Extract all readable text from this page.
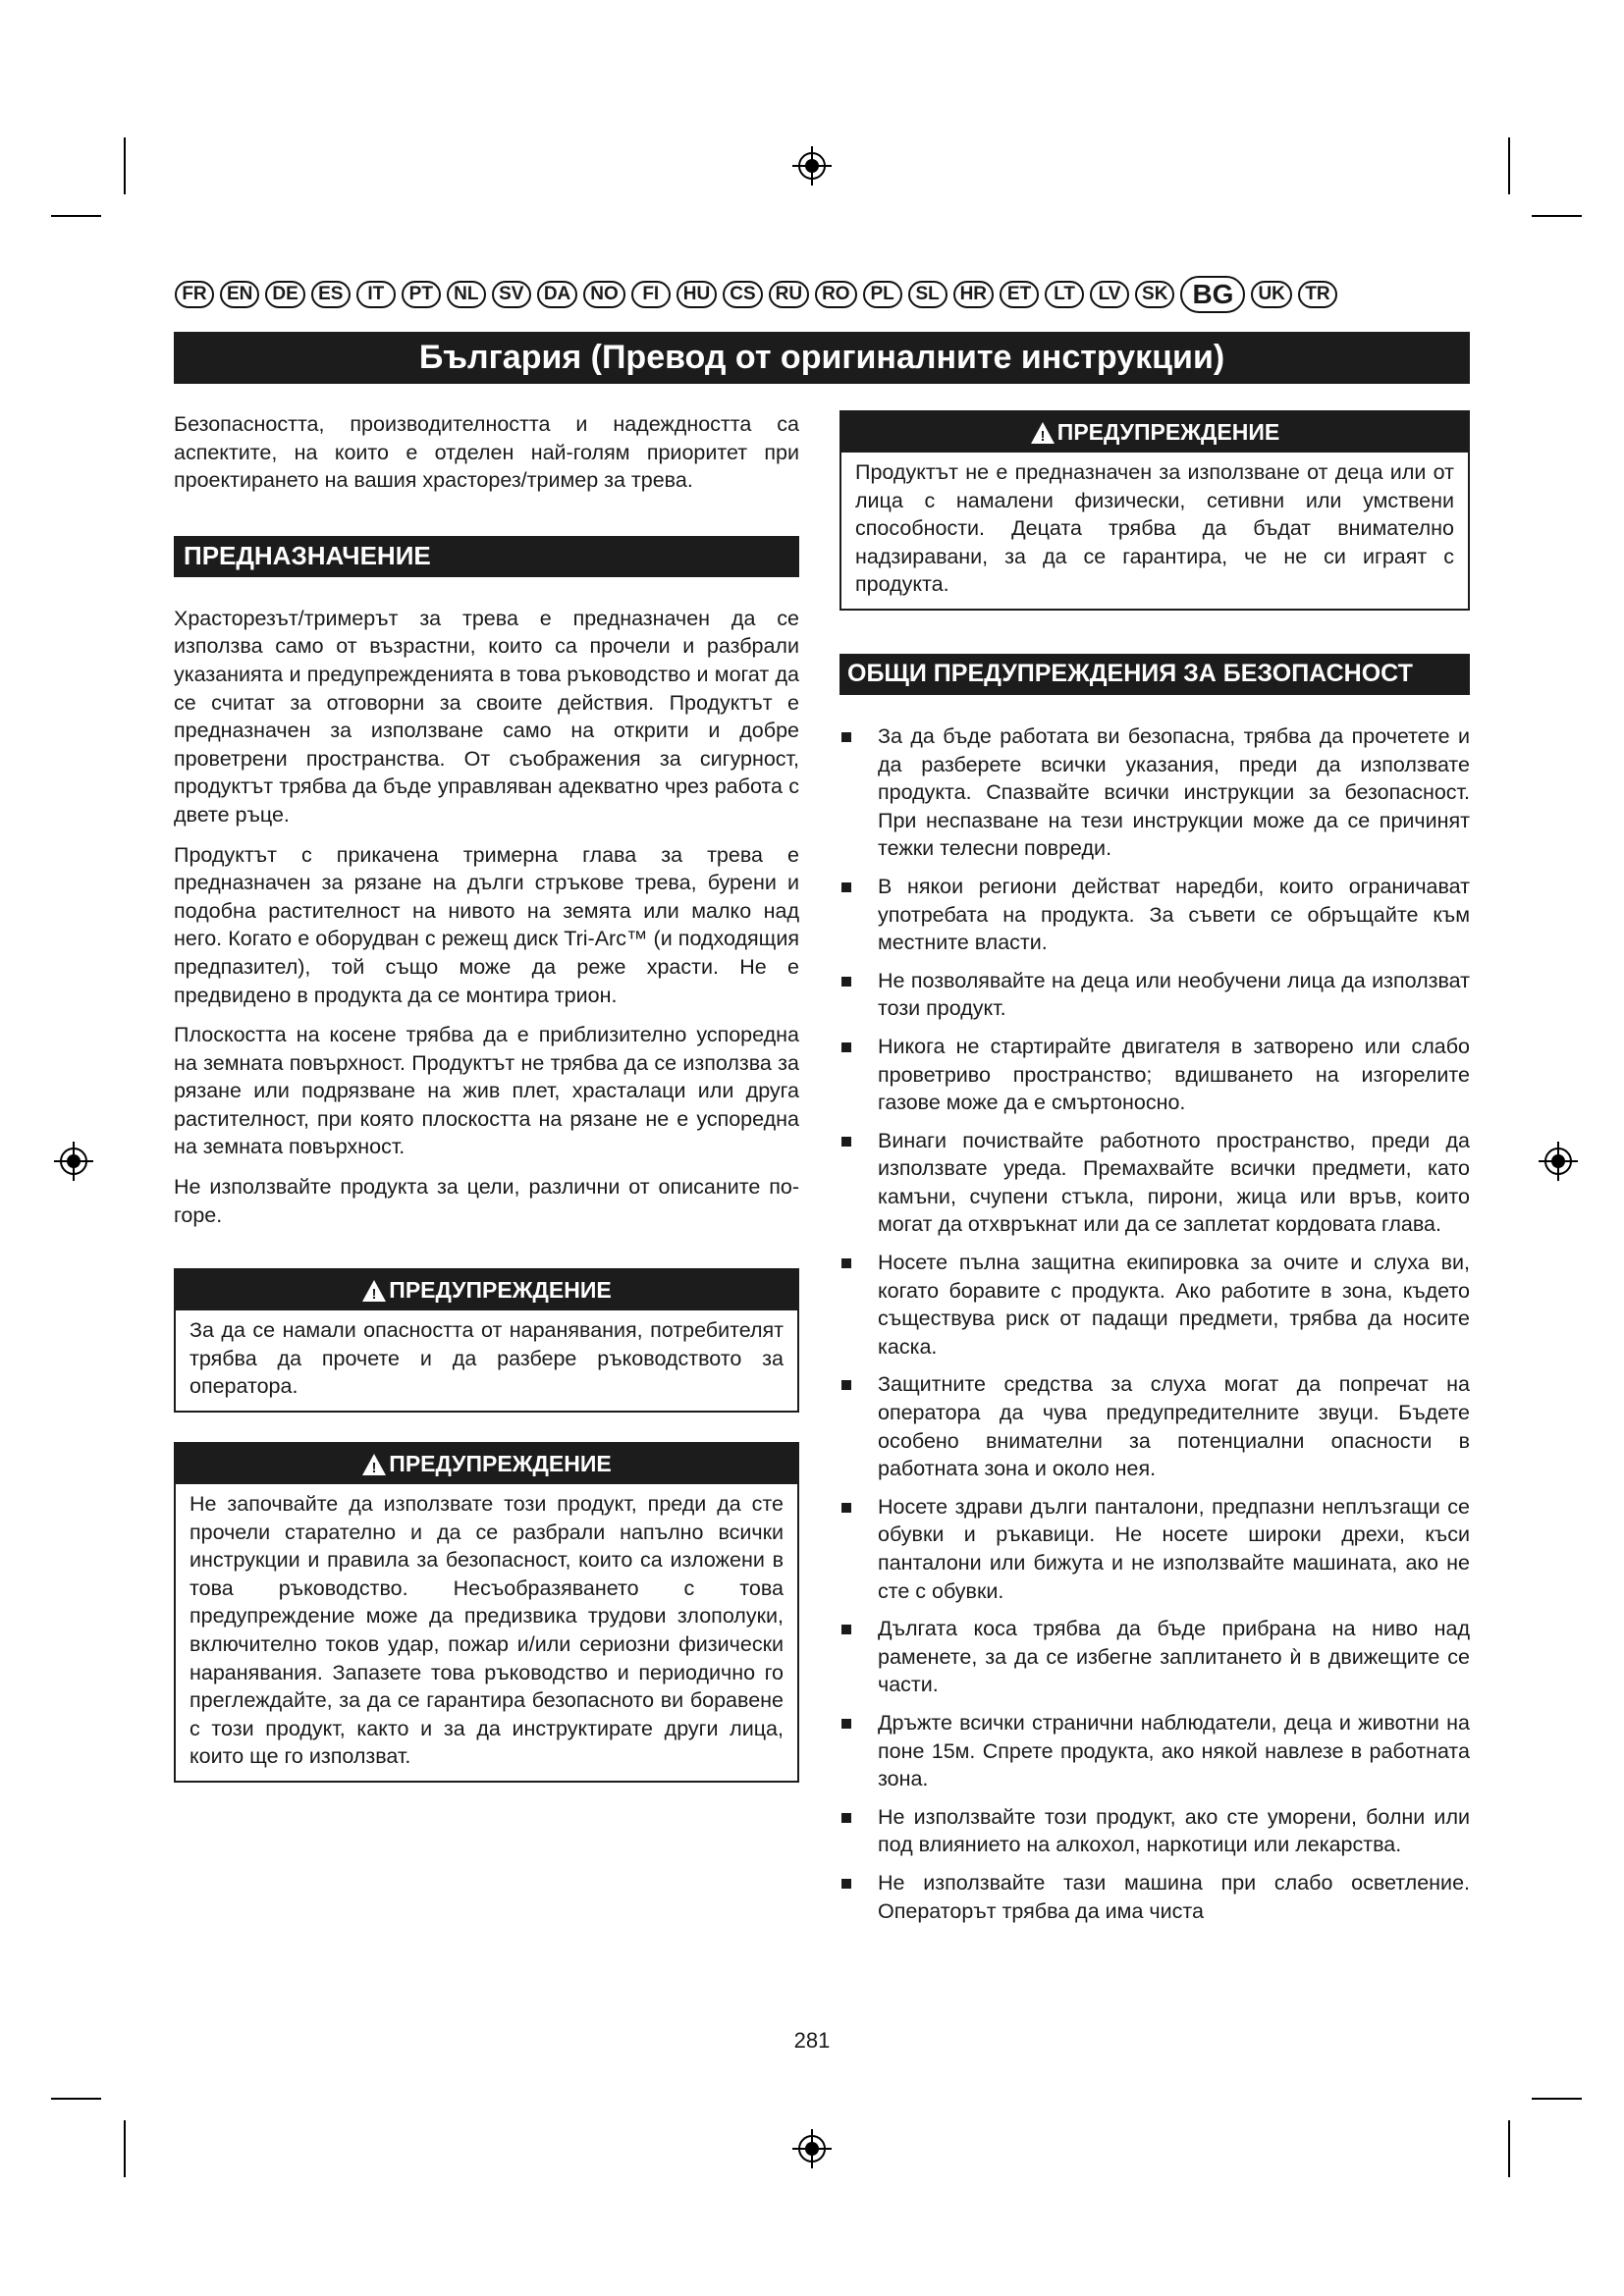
FR	EN	DE	ES	IT	PT	NL	SV	DA	NO	FI	HU	CS	RU	RO	PL	SL	HR	ET	LT	LV	SK BG	UK	TR
България (Превод от оригиналните инструкции)

Безопасността, производителността и надеждността са аспектите, на които е отделен най-голям приоритет при проектирането на вашия храсторез/тример за трева.

ПРЕДНАЗНАЧЕНИЕ

Храсторезът/тримерът за трева е предназначен да се използва само от възрастни, които са прочели и разбрали указанията и предупрежденията в това ръководство и могат да се считат за отговорни за своите действия. Продуктът е предназначен за използване само на открити и добре проветрени пространства. От съображения за сигурност, продуктът трябва да бъде управляван адекватно чрез работа с двете ръце.

Продуктът с прикачена тримерна глава за трева е предназначен за рязане на дълги стръкове трева, бурени и подобна растителност на нивото на земята или малко над него. Когато е оборудван с режещ диск Tri-Arc™ (и подходящия предпазител), той също може да реже храсти. Не е предвидено в продукта да се монтира трион.

Плоскостта на косене трябва да е приблизително успоредна на земната повърхност. Продуктът не трябва да се използва за рязане или подрязване на жив плет, храсталаци или друга растителност, при която плоскостта на рязане не е успоредна на земната повърхност.

Не използвайте продукта за цели, различни от описаните по-горе.

! ПРЕДУПРЕЖДЕНИЕ
За да се намали опасността от наранявания, потребителят трябва да прочете и да разбере ръководството за оператора.
! ПРЕДУПРЕЖДЕНИЕ
Не започвайте да използвате този продукт, преди да сте прочели старателно и да се разбрали напълно всички инструкции и правила за безопасност, които са изложени в това ръководство. Несъобразяването с това предупреждение може да предизвика трудови злополуки, включително токов удар, пожар и/или сериозни физически наранявания. Запазете това ръководство и периодично го преглеждайте, за да се гарантира безопасното ви боравене с този продукт, както и за да инструктирате други лица, които ще го използват.
! ПРЕДУПРЕЖДЕНИЕ
Продуктът не е предназначен за използване от деца или от лица с намалени физически, сетивни или умствени способности. Децата трябва да бъдат внимателно надзиравани, за да се гарантира, че не си играят с продукта.
ОБЩИ ПРЕДУПРЕЖДЕНИЯ ЗА БЕЗОПАСНОСТ
За да бъде работата ви безопасна, трябва да прочетете и да разберете всички указания, преди да използвате продукта. Спазвайте всички инструкции за безопасност. При неспазване на тези инструкции може да се причинят тежки телесни повреди.
В някои региони действат наредби, които ограничават употребата на продукта. За съвети се обръщайте към местните власти.
Не позволявайте на деца или необучени лица да използват този продукт.
Никога не стартирайте двигателя в затворено или слабо проветриво пространство; вдишването на изгорелите газове може да е смъртоносно.
Винаги почиствайте работното пространство, преди да използвате уреда. Премахвайте всички предмети, като камъни, счупени стъкла, пирони, жица или връв, които могат да отхвръкнат или да се заплетат кордовата глава.
Носете пълна защитна екипировка за очите и слуха ви, когато боравите с продукта. Ако работите в зона, където съществува риск от падащи предмети, трябва да носите каска.
Защитните средства за слуха могат да попречат на оператора да чува предупредителните звуци. Бъдете особено внимателни за потенциални опасности в работната зона и около нея.
Носете здрави дълги панталони, предпазни неплъзгащи се обувки и ръкавици. Не носете широки дрехи, къси панталони или бижута и не използвайте машината, ако не сте с обувки.
Дългата коса трябва да бъде прибрана на ниво над раменете, за да се избегне заплитането ѝ в движещите се части.
Дръжте всички странични наблюдатели, деца и животни на поне 15м. Спрете продукта, ако някой навлезе в работната зона.
Не използвайте този продукт, ако сте уморени, болни или под влиянието на алкохол, наркотици или лекарства.
Не използвайте тази машина при слабо осветление. Операторът трябва да има чиста
281
